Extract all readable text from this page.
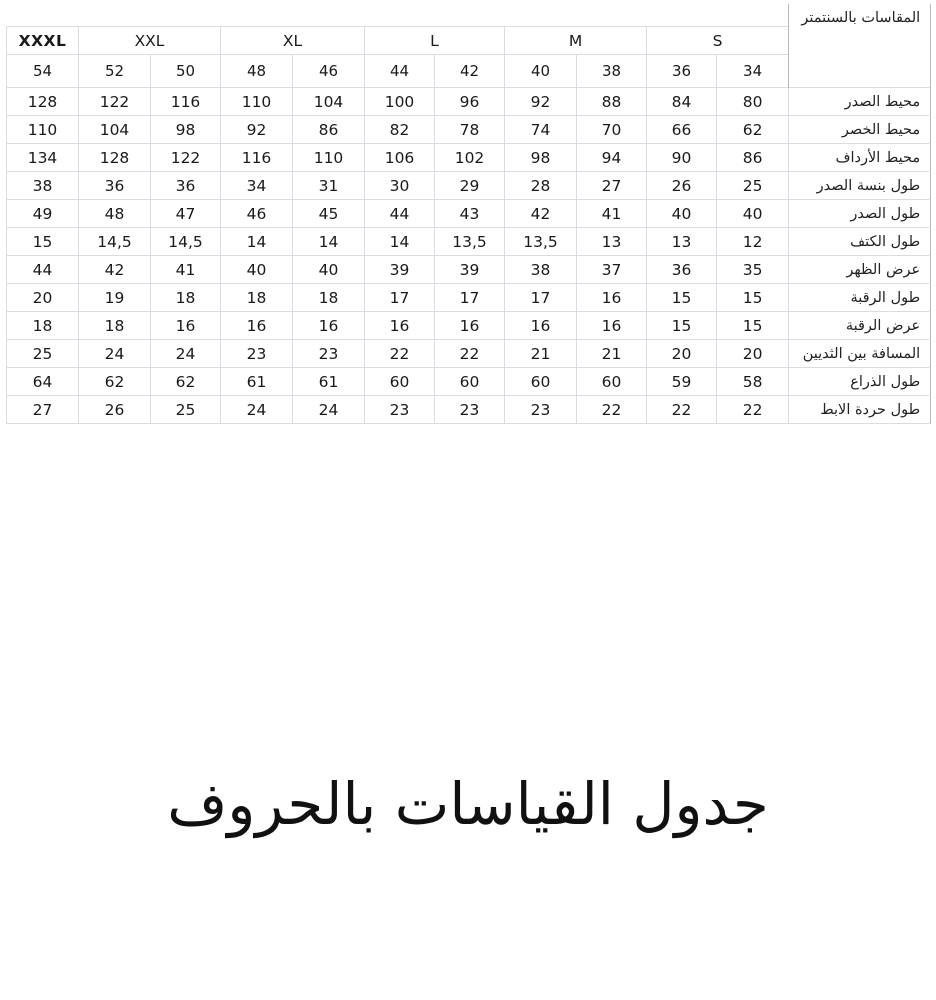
											المقاسات بالسنتمتر
XXXL	XXL		XL		L		M		S		
54	52	50	48	46	44	42	40	38	36	34	
128	122	116	110	104	100	96	92	88	84	80	محيط الصدر
110	104	98	92	86	82	78	74	70	66	62	محيط الخصر
134	128	122	116	110	106	102	98	94	90	86	محيط الأرداف
38	36	36	34	31	30	29	28	27	26	25	طول بنسة الصدر
49	48	47	46	45	44	43	42	41	40	40	طول الصدر
15	14,5	14,5	14	14	14	13,5	13,5	13	13	12	طول الكتف
44	42	41	40	40	39	39	38	37	36	35	عرض الظهر
20	19	18	18	18	17	17	17	16	15	15	طول الرقبة
18	18	16	16	16	16	16	16	16	15	15	عرض الرقبة
25	24	24	23	23	22	22	21	21	20	20	المسافة بين الثديين
64	62	62	61	61	60	60	60	60	59	58	طول الذراع
27	26	25	24	24	23	23	23	22	22	22	طول حردة الابط
جدول القياسات بالحروف
